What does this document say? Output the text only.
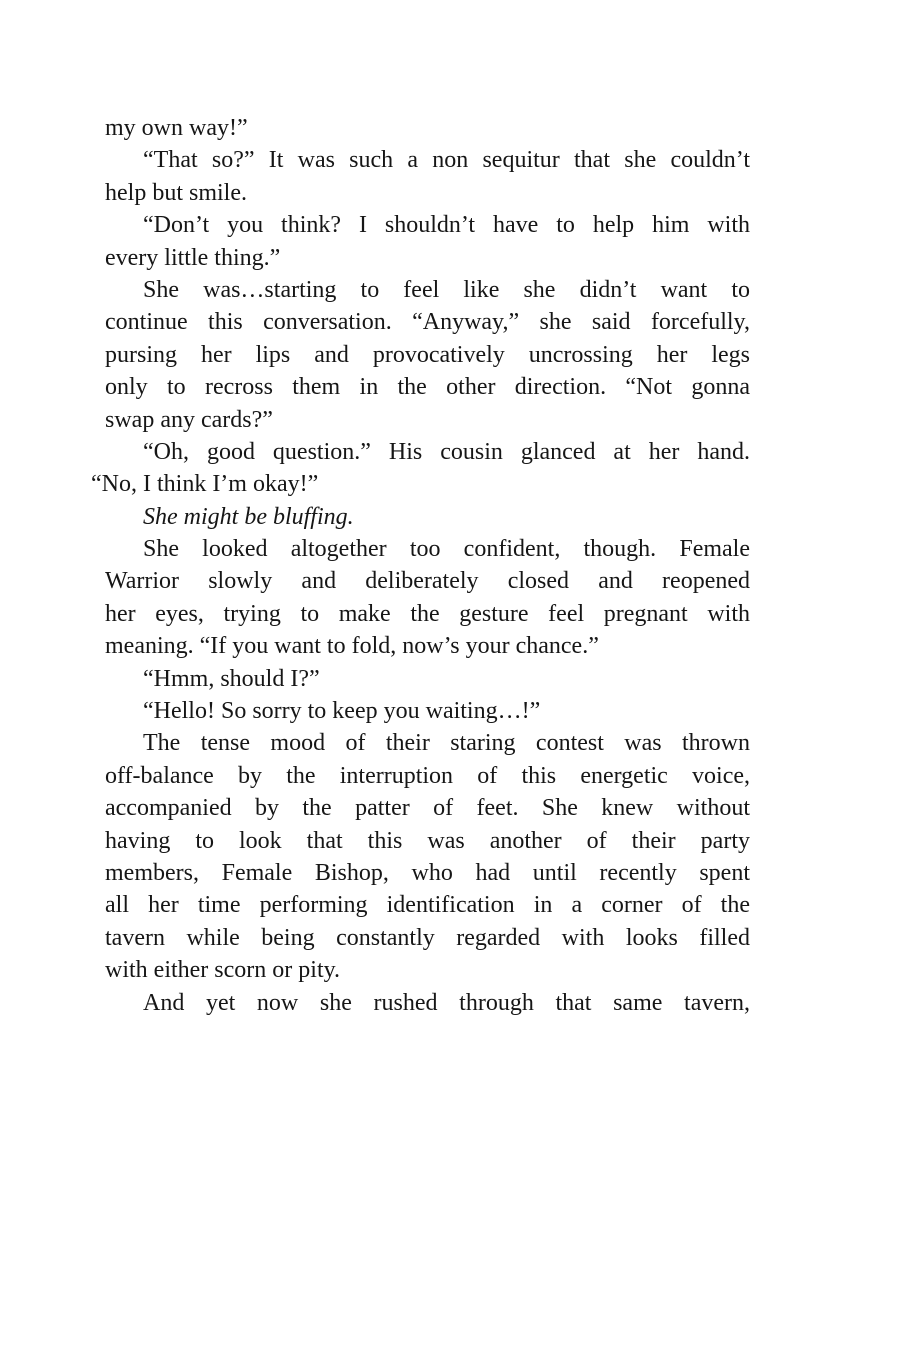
my own way!”
“That so?” It was such a non sequitur that she couldn’t
help but smile.
“Don’t you think? I shouldn’t have to help him with
every little thing.”
She was…starting to feel like she didn’t want to
continue this conversation. “Anyway,” she said forcefully,
pursing her lips and provocatively uncrossing her legs
only to recross them in the other direction. “Not gonna
swap any cards?”
“Oh, good question.” His cousin glanced at her hand.
“No, I think I’m okay!”
She might be bluffing.
She looked altogether too confident, though. Female
Warrior slowly and deliberately closed and reopened
her eyes, trying to make the gesture feel pregnant with
meaning. “If you want to fold, now’s your chance.”
“Hmm, should I?”
“Hello! So sorry to keep you waiting…!”
The tense mood of their staring contest was thrown
off-balance by the interruption of this energetic voice,
accompanied by the patter of feet. She knew without
having to look that this was another of their party
members, Female Bishop, who had until recently spent
all her time performing identification in a corner of the
tavern while being constantly regarded with looks filled
with either scorn or pity.
And yet now she rushed through that same tavern,
